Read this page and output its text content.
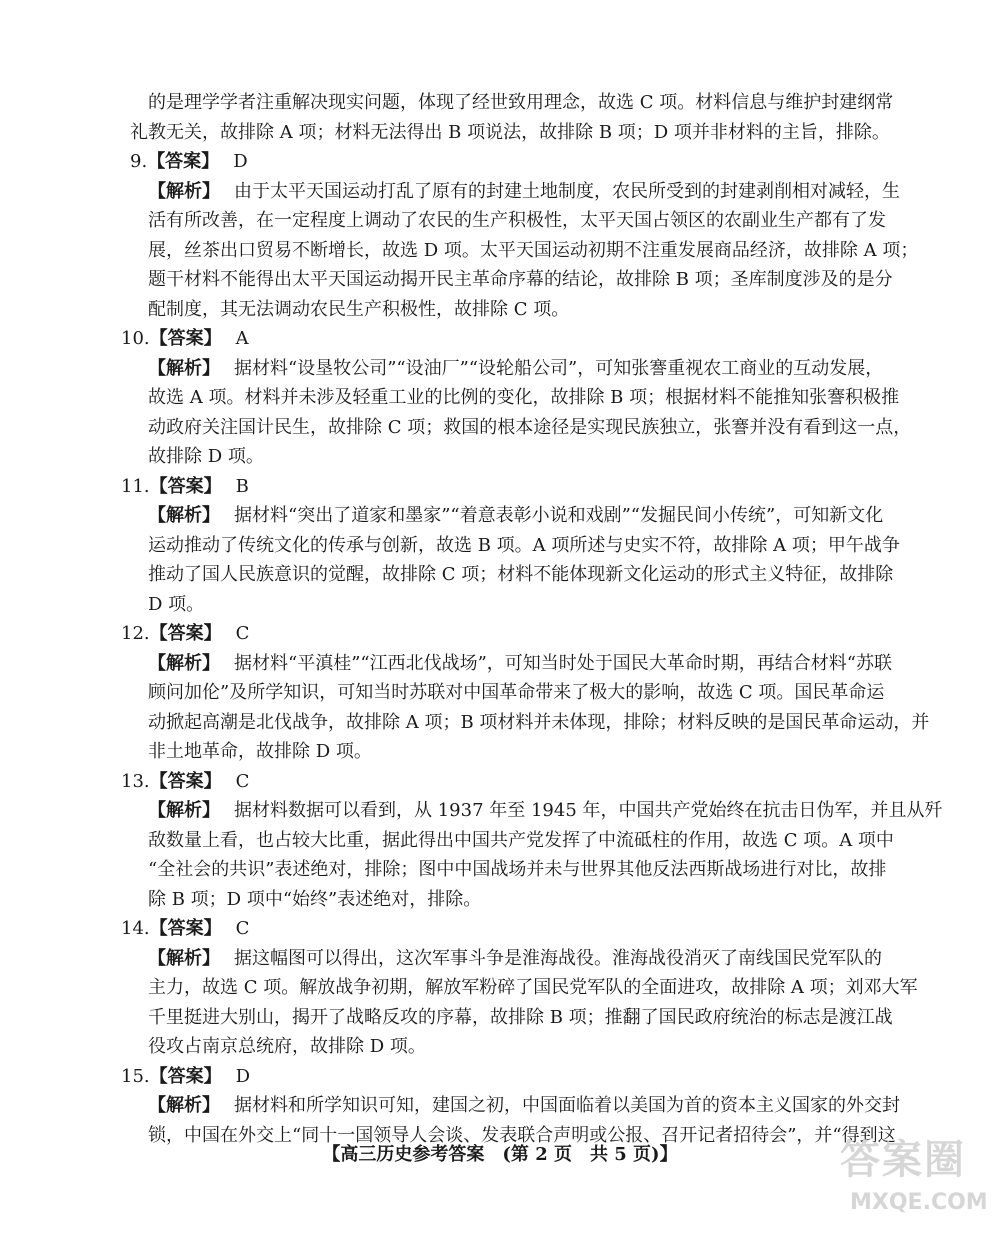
的是理学学者注重解决现实问题，体现了经世致用理念，故选 C 项。材料信息与维护封建纲常
礼教无关，故排除 A 项；材料无法得出 B 项说法，故排除 B 项；D 项并非材料的主旨，排除。
9.【答案】 D
【解析】 由于太平天国运动打乱了原有的封建土地制度，农民所受到的封建剥削相对减轻，生
活有所改善，在一定程度上调动了农民的生产积极性，太平天国占领区的农副业生产都有了发
展，丝茶出口贸易不断增长，故选 D 项。太平天国运动初期不注重发展商品经济，故排除 A 项；
题干材料不能得出太平天国运动揭开民主革命序幕的结论，故排除 B 项；圣库制度涉及的是分
配制度，其无法调动农民生产积极性，故排除 C 项。
10.【答案】 A
【解析】 据材料“设垦牧公司”“设油厂”“设轮船公司”，可知张謇重视农工商业的互动发展，
故选 A 项。材料并未涉及轻重工业的比例的变化，故排除 B 项；根据材料不能推知张謇积极推
动政府关注国计民生，故排除 C 项；救国的根本途径是实现民族独立，张謇并没有看到这一点，
故排除 D 项。
11.【答案】 B
【解析】 据材料“突出了道家和墨家”“着意表彰小说和戏剧”“发掘民间小传统”，可知新文化
运动推动了传统文化的传承与创新，故选 B 项。A 项所述与史实不符，故排除 A 项；甲午战争
推动了国人民族意识的觉醒，故排除 C 项；材料不能体现新文化运动的形式主义特征，故排除
D 项。
12.【答案】 C
【解析】 据材料“平滇桂”“江西北伐战场”，可知当时处于国民大革命时期，再结合材料“苏联
顾问加伦”及所学知识，可知当时苏联对中国革命带来了极大的影响，故选 C 项。国民革命运
动掀起高潮是北伐战争，故排除 A 项；B 项材料并未体现，排除；材料反映的是国民革命运动，并
非土地革命，故排除 D 项。
13.【答案】 C
【解析】 据材料数据可以看到，从 1937 年至 1945 年，中国共产党始终在抗击日伪军，并且从歼
敌数量上看，也占较大比重，据此得出中国共产党发挥了中流砥柱的作用，故选 C 项。A 项中
“全社会的共识”表述绝对，排除；图中中国战场并未与世界其他反法西斯战场进行对比，故排
除 B 项；D 项中“始终”表述绝对，排除。
14.【答案】 C
【解析】 据这幅图可以得出，这次军事斗争是淮海战役。淮海战役消灭了南线国民党军队的
主力，故选 C 项。解放战争初期，解放军粉碎了国民党军队的全面进攻，故排除 A 项；刘邓大军
千里挺进大别山，揭开了战略反攻的序幕，故排除 B 项；推翻了国民政府统治的标志是渡江战
役攻占南京总统府，故排除 D 项。
15.【答案】 D
【解析】 据材料和所学知识可知，建国之初，中国面临着以美国为首的资本主义国家的外交封
锁，中国在外交上“同十一国领导人会谈、发表联合声明或公报、召开记者招待会”，并“得到这
【高三历史参考答案　(第 2 页　共 5 页)】	答案圈
MXQE.COM
